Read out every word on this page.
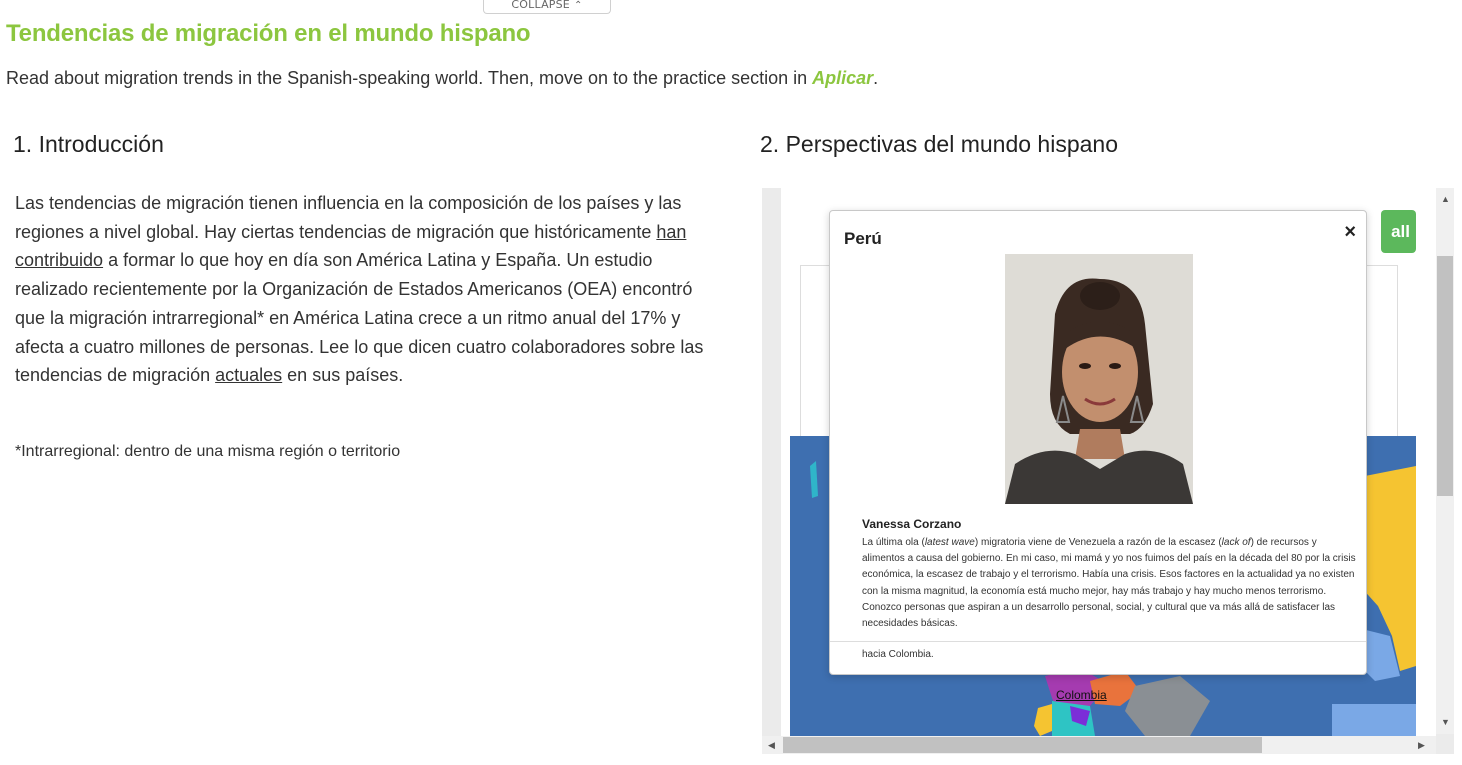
COLLAPSE ⌃
Tendencias de migración en el mundo hispano

Read about migration trends in the Spanish-speaking world. Then, move on to the practice section in Aplicar.

1. Introducción	2. Perspectivas del mundo hispano

Las tendencias de migración tienen influencia en la composición de los países y las regiones a nivel global. Hay ciertas tendencias de migración que históricamente han contribuido a formar lo que hoy en día son América Latina y España. Un estudio realizado recientemente por la Organización de Estados Americanos (OEA) encontró que la migración intrarregional* en América Latina crece a un ritmo anual del 17% y afecta a cuatro millones de personas. Lee lo que dicen cuatro colaboradores sobre las tendencias de migración actuales en sus países.

*Intrarregional: dentro de una misma región o territorio

all
Colombia
▲
▼
◀	▶
Perú	×

Vanessa Corzano

La última ola (latest wave) migratoria viene de Venezuela a razón de la escasez (lack of) de recursos y alimentos a causa del gobierno. En mi caso, mi mamá y yo nos fuimos del país en la década del 80 por la crisis económica, la escasez de trabajo y el terrorismo. Había una crisis. Esos factores en la actualidad ya no existen con la misma magnitud, la economía está mucho mejor, hay más trabajo y hay mucho menos terrorismo. Conozco personas que aspiran a un desarrollo personal, social, y cultural que va más allá de satisfacer las necesidades básicas.

hacia Colombia.
